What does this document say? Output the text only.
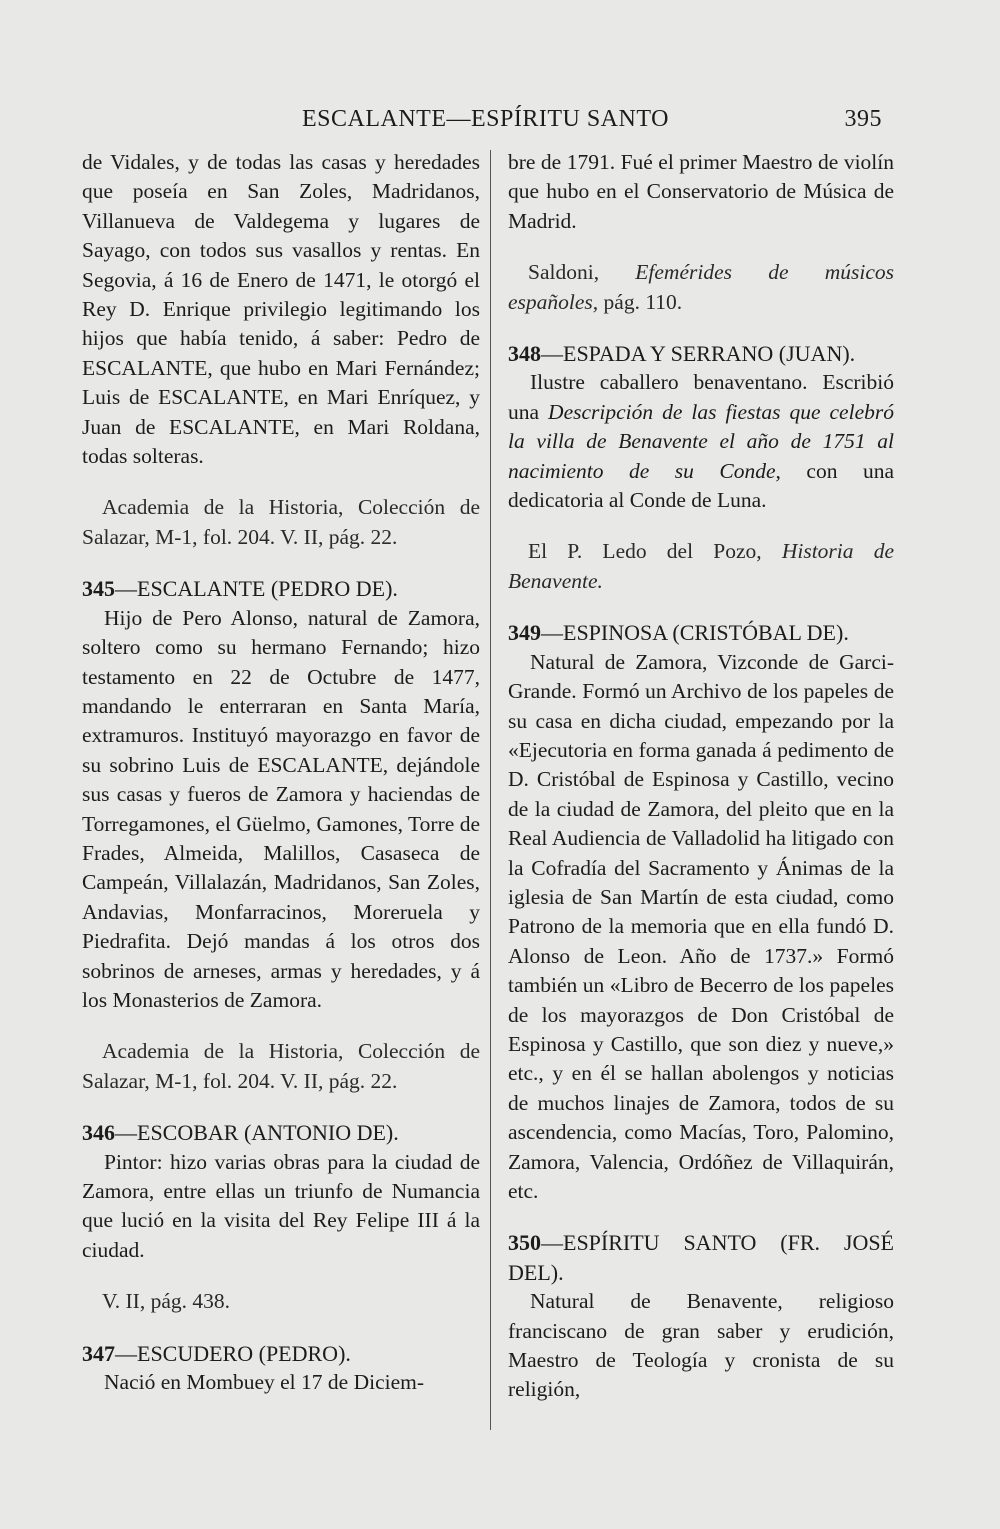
ESCALANTE—ESPÍRITU SANTO	395

de Vidales, y de todas las casas y heredades que poseía en San Zoles, Madridanos, Villanueva de Valdegema y lugares de Sayago, con todos sus vasallos y rentas. En Segovia, á 16 de Enero de 1471, le otorgó el Rey D. Enrique privilegio legitimando los hijos que había tenido, á saber: Pedro de ESCALANTE, que hubo en Mari Fernández; Luis de ESCALANTE, en Mari Enríquez, y Juan de ESCALANTE, en Mari Roldana, todas solteras.

Academia de la Historia, Colección de Salazar, M-1, fol. 204. V. II, pág. 22.

345—ESCALANTE (PEDRO DE).

Hijo de Pero Alonso, natural de Zamora, soltero como su hermano Fernando; hizo testamento en 22 de Octubre de 1477, mandando le enterraran en Santa María, extramuros. Instituyó mayorazgo en favor de su sobrino Luis de ESCALANTE, dejándole sus casas y fueros de Zamora y haciendas de Torregamones, el Güelmo, Gamones, Torre de Frades, Almeida, Malillos, Casaseca de Campeán, Villalazán, Madridanos, San Zoles, Andavias, Monfarracinos, Moreruela y Piedrafita. Dejó mandas á los otros dos sobrinos de arneses, armas y heredades, y á los Monasterios de Zamora.

Academia de la Historia, Colección de Salazar, M-1, fol. 204. V. II, pág. 22.

346—ESCOBAR (ANTONIO DE).

Pintor: hizo varias obras para la ciudad de Zamora, entre ellas un triunfo de Numancia que lució en la visita del Rey Felipe III á la ciudad.

V. II, pág. 438.

347—ESCUDERO (PEDRO).

Nació en Mombuey el 17 de Diciem-

bre de 1791. Fué el primer Maestro de violín que hubo en el Conservatorio de Música de Madrid.

Saldoni, Efemérides de músicos españoles, pág. 110.

348—ESPADA Y SERRANO (JUAN).

Ilustre caballero benaventano. Escribió una Descripción de las fiestas que celebró la villa de Benavente el año de 1751 al nacimiento de su Conde, con una dedicatoria al Conde de Luna.

El P. Ledo del Pozo, Historia de Benavente.

349—ESPINOSA (CRISTÓBAL DE).

Natural de Zamora, Vizconde de Garci-Grande. Formó un Archivo de los papeles de su casa en dicha ciudad, empezando por la «Ejecutoria en forma ganada á pedimento de D. Cristóbal de Espinosa y Castillo, vecino de la ciudad de Zamora, del pleito que en la Real Audiencia de Valladolid ha litigado con la Cofradía del Sacramento y Ánimas de la iglesia de San Martín de esta ciudad, como Patrono de la memoria que en ella fundó D. Alonso de Leon. Año de 1737.» Formó también un «Libro de Becerro de los papeles de los mayorazgos de Don Cristóbal de Espinosa y Castillo, que son diez y nueve,» etc., y en él se hallan abolengos y noticias de muchos linajes de Zamora, todos de su ascendencia, como Macías, Toro, Palomino, Zamora, Valencia, Ordóñez de Villaquirán, etc.

350—ESPÍRITU SANTO (FR. JOSÉ DEL).

Natural de Benavente, religioso franciscano de gran saber y erudición, Maestro de Teología y cronista de su religión,
